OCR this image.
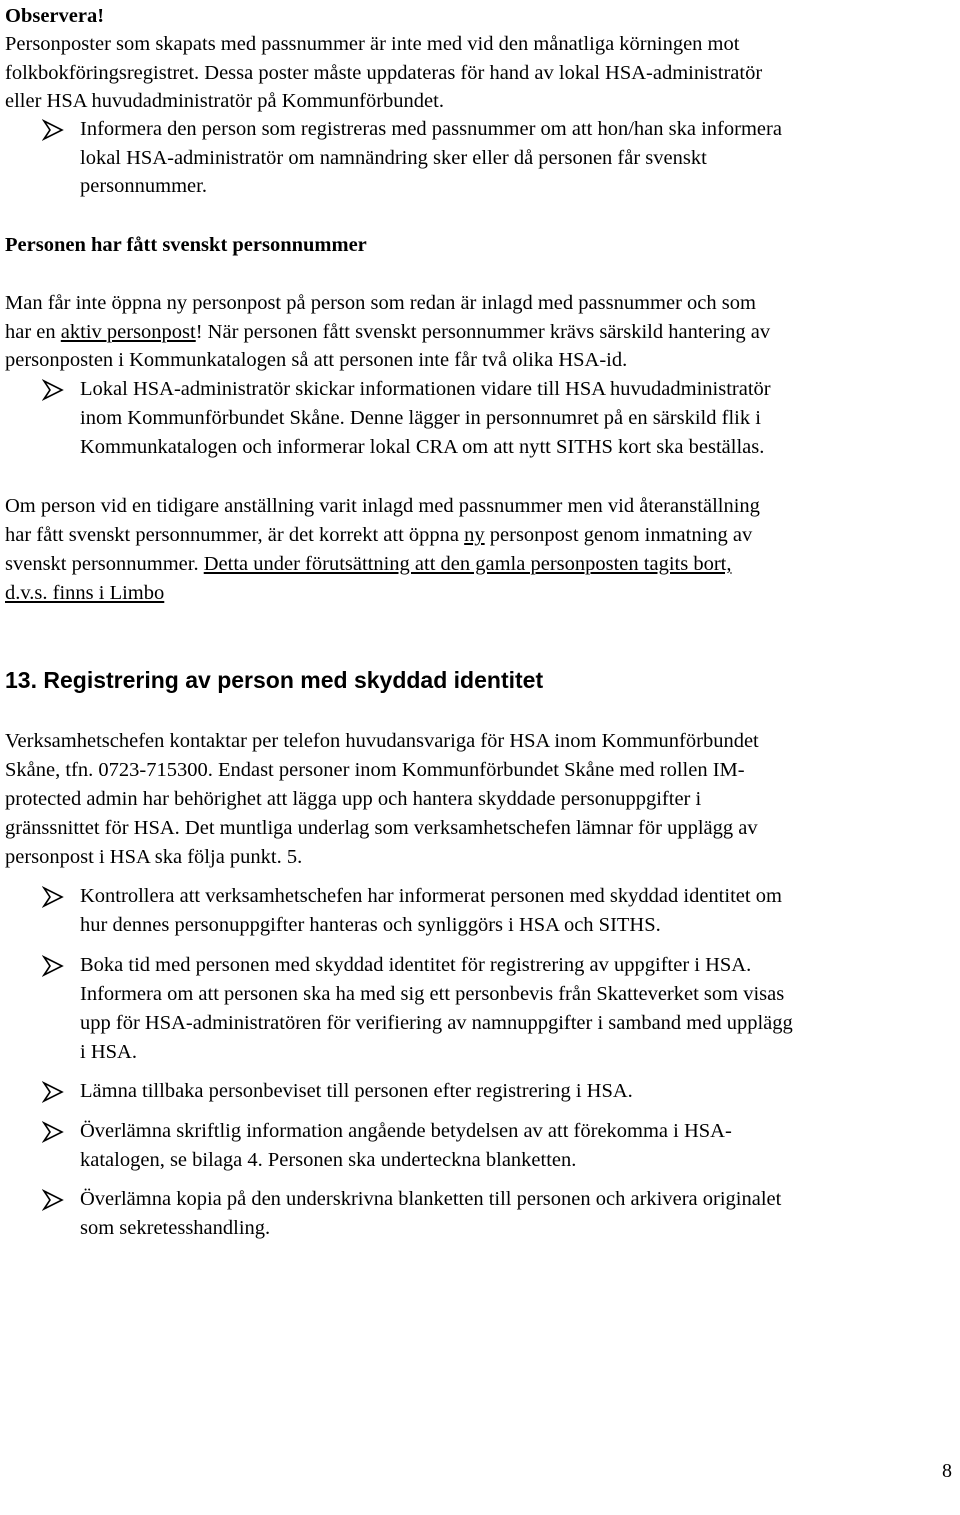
Observera!
Personposter som skapats med passnummer är inte med vid den månatliga körningen mot
folkbokföringsregistret. Dessa poster måste uppdateras för hand av lokal HSA-administratör
eller HSA huvudadministratör på Kommunförbundet.
Informera den person som registreras med passnummer om att hon/han ska informera
lokal HSA-administratör om namnändring sker eller då personen får svenskt
personnummer.
Personen har fått svenskt personnummer
Man får inte öppna ny personpost på person som redan är inlagd med passnummer och som
har en aktiv personpost! När personen fått svenskt personnummer krävs särskild hantering av
personposten i Kommunkatalogen så att personen inte får två olika HSA-id.
Lokal HSA-administratör skickar informationen vidare till HSA huvudadministratör
inom Kommunförbundet Skåne. Denne lägger in personnumret på en särskild flik i
Kommunkatalogen och informerar lokal CRA om att nytt SITHS kort ska beställas.
Om person vid en tidigare anställning varit inlagd med passnummer men vid återanställning
har fått svenskt personnummer, är det korrekt att öppna ny personpost genom inmatning av
svenskt personnummer. Detta under förutsättning att den gamla personposten tagits bort,
d.v.s. finns i Limbo
13. Registrering av person med skyddad identitet
Verksamhetschefen kontaktar per telefon huvudansvariga för HSA inom Kommunförbundet
Skåne, tfn. 0723-715300. Endast personer inom Kommunförbundet Skåne med rollen IM-
protected admin har behörighet att lägga upp och hantera skyddade personuppgifter i
gränssnittet för HSA. Det muntliga underlag som verksamhetschefen lämnar för upplägg av
personpost i HSA ska följa punkt. 5.
Kontrollera att verksamhetschefen har informerat personen med skyddad identitet om
hur dennes personuppgifter hanteras och synliggörs i HSA och SITHS.
Boka tid med personen med skyddad identitet för registrering av uppgifter i HSA.
Informera om att personen ska ha med sig ett personbevis från Skatteverket som visas
upp för HSA-administratören för verifiering av namnuppgifter i samband med upplägg
i HSA.
Lämna tillbaka personbeviset till personen efter registrering i HSA.
Överlämna skriftlig information angående betydelsen av att förekomma i HSA-
katalogen, se bilaga 4. Personen ska underteckna blanketten.
Överlämna kopia på den underskrivna blanketten till personen och arkivera originalet
som sekretesshandling.
8
